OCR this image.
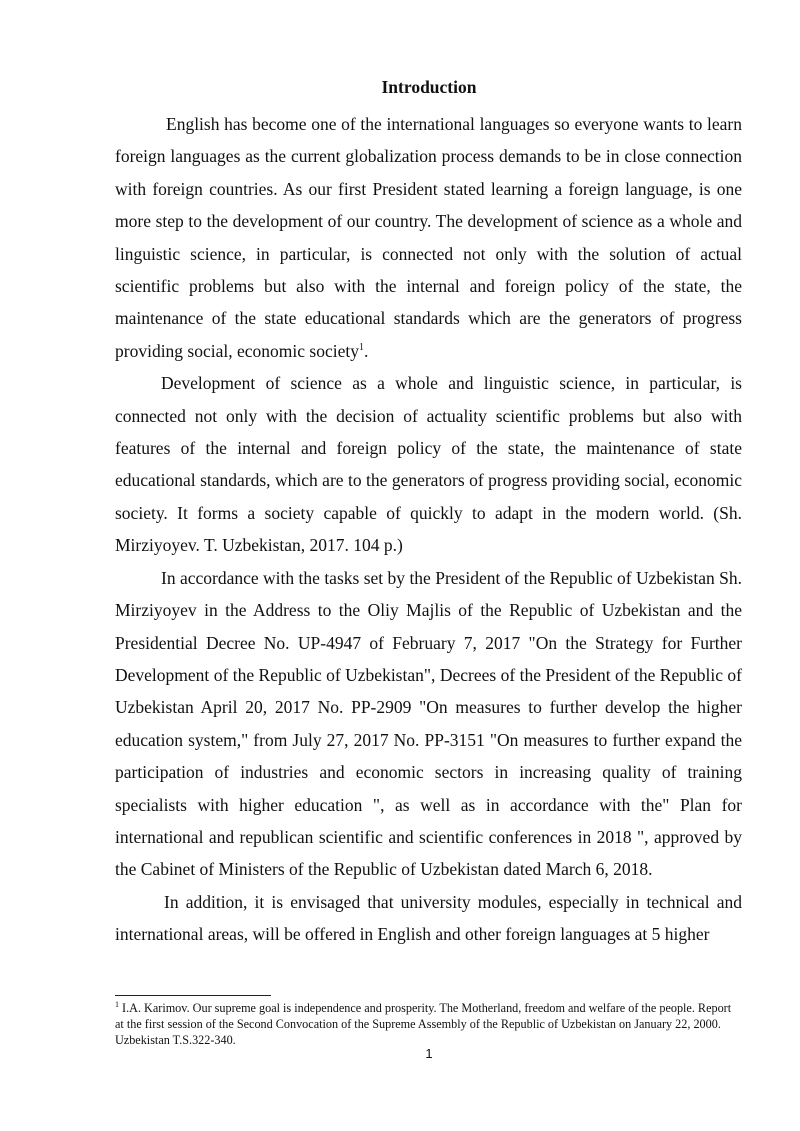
Introduction

English has become one of the international languages so everyone wants to learn foreign languages as the current globalization process demands to be in close connection with foreign countries. As our first President stated learning a foreign language, is one more step to the development of our country. The development of science as a whole and linguistic science, in particular, is connected not only with the solution of actual scientific problems but also with the internal and foreign policy of the state, the maintenance of the state educational standards which are the generators of progress providing social, economic society$^1$.

Development of science as a whole and linguistic science, in particular, is connected not only with the decision of actuality scientific problems but also with features of the internal and foreign policy of the state, the maintenance of state educational standards, which are to the generators of progress providing social, economic society. It forms a society capable of quickly to adapt in the modern world. (Sh. Mirziyoyev. T. Uzbekistan, 2017. 104 p.)

In accordance with the tasks set by the President of the Republic of Uzbekistan Sh. Mirziyoyev in the Address to the Oliy Majlis of the Republic of Uzbekistan and the Presidential Decree No. UP-4947 of February 7, 2017 "On the Strategy for Further Development of the Republic of Uzbekistan", Decrees of the President of the Republic of Uzbekistan April 20, 2017 No. PP-2909 "On measures to further develop the higher education system," from July 27, 2017 No. PP-3151 "On measures to further expand the participation of industries and economic sectors in increasing quality of training specialists with higher education ", as well as in accordance with the" Plan for international and republican scientific and scientific conferences in 2018 ", approved by the Cabinet of Ministers of the Republic of Uzbekistan dated March 6, 2018.

In addition, it is envisaged that university modules, especially in technical and international areas, will be offered in English and other foreign languages at 5 higher

$^1$ I.A. Karimov. Our supreme goal is independence and prosperity. The Motherland, freedom and welfare of the people. Report at the first session of the Second Convocation of the Supreme Assembly of the Republic of Uzbekistan on January 22, 2000. Uzbekistan T.S.322-340.
1
